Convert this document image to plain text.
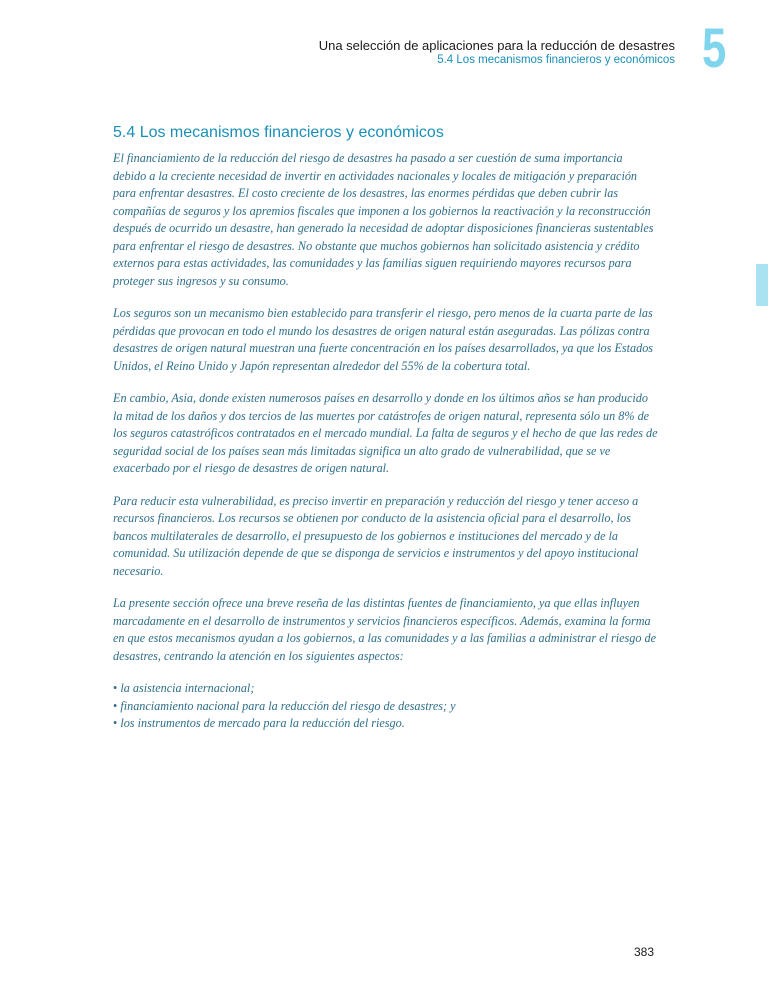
Una selección de aplicaciones para la reducción de desastres
5.4 Los mecanismos financieros y económicos 5
5.4 Los mecanismos financieros y económicos

El financiamiento de la reducción del riesgo de desastres ha pasado a ser cuestión de suma importancia debido a la creciente necesidad de invertir en actividades nacionales y locales de mitigación y preparación para enfrentar desastres. El costo creciente de los desastres, las enormes pérdidas que deben cubrir las compañías de seguros y los apremios fiscales que imponen a los gobiernos la reactivación y la reconstrucción después de ocurrido un desastre, han generado la necesidad de adoptar disposiciones financieras sustentables para enfrentar el riesgo de desastres. No obstante que muchos gobiernos han solicitado asistencia y crédito externos para estas actividades, las comunidades y las familias siguen requiriendo mayores recursos para proteger sus ingresos y su consumo.

Los seguros son un mecanismo bien establecido para transferir el riesgo, pero menos de la cuarta parte de las pérdidas que provocan en todo el mundo los desastres de origen natural están aseguradas. Las pólizas contra desastres de origen natural muestran una fuerte concentración en los países desarrollados, ya que los Estados Unidos, el Reino Unido y Japón representan alrededor del 55% de la cobertura total.

En cambio, Asia, donde existen numerosos países en desarrollo y donde en los últimos años se han producido la mitad de los daños y dos tercios de las muertes por catástrofes de origen natural, representa sólo un 8% de los seguros catastróficos contratados en el mercado mundial. La falta de seguros y el hecho de que las redes de seguridad social de los países sean más limitadas significa un alto grado de vulnerabilidad, que se ve exacerbado por el riesgo de desastres de origen natural.

Para reducir esta vulnerabilidad, es preciso invertir en preparación y reducción del riesgo y tener acceso a recursos financieros. Los recursos se obtienen por conducto de la asistencia oficial para el desarrollo, los bancos multilaterales de desarrollo, el presupuesto de los gobiernos e instituciones del mercado y de la comunidad. Su utilización depende de que se disponga de servicios e instrumentos y del apoyo institucional necesario.

La presente sección ofrece una breve reseña de las distintas fuentes de financiamiento, ya que ellas influyen marcadamente en el desarrollo de instrumentos y servicios financieros específicos. Además, examina la forma en que estos mecanismos ayudan a los gobiernos, a las comunidades y a las familias a administrar el riesgo de desastres, centrando la atención en los siguientes aspectos:

• la asistencia internacional;
• financiamiento nacional para la reducción del riesgo de desastres; y
• los instrumentos de mercado para la reducción del riesgo.
383
